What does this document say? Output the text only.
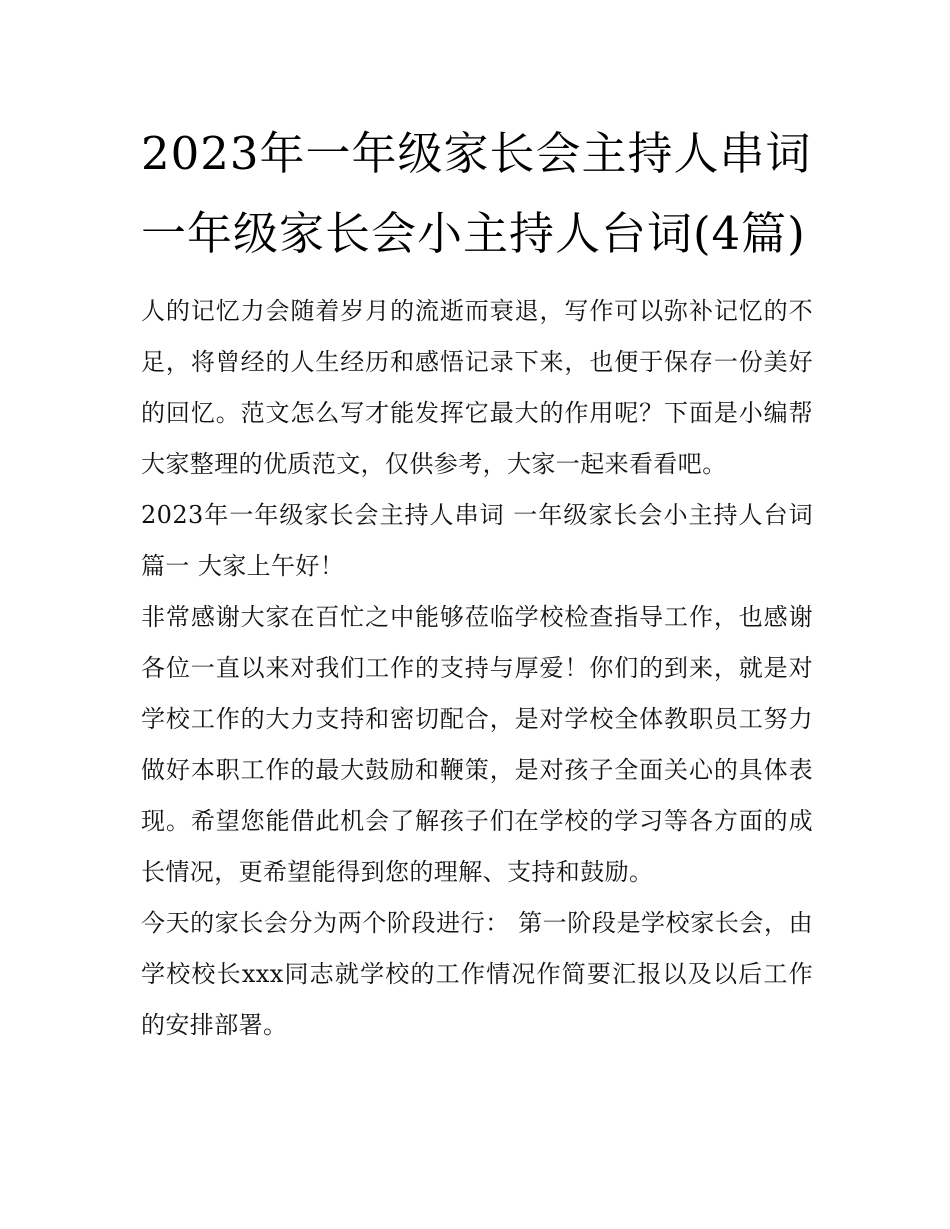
2023年一年级家长会主持人串词 一年级家长会小主持人台词(4篇)

人的记忆力会随着岁月的流逝而衰退，写作可以弥补记忆的不足，将曾经的人生经历和感悟记录下来，也便于保存一份美好的回忆。范文怎么写才能发挥它最大的作用呢？下面是小编帮大家整理的优质范文，仅供参考，大家一起来看看吧。

2023年一年级家长会主持人串词 一年级家长会小主持人台词篇一 大家上午好！

非常感谢大家在百忙之中能够莅临学校检查指导工作，也感谢各位一直以来对我们工作的支持与厚爱！你们的到来，就是对学校工作的大力支持和密切配合，是对学校全体教职员工努力做好本职工作的最大鼓励和鞭策，是对孩子全面关心的具体表现。希望您能借此机会了解孩子们在学校的学习等各方面的成长情况，更希望能得到您的理解、支持和鼓励。

今天的家长会分为两个阶段进行： 第一阶段是学校家长会，由学校校长xxx同志就学校的工作情况作简要汇报以及以后工作的安排部署。
